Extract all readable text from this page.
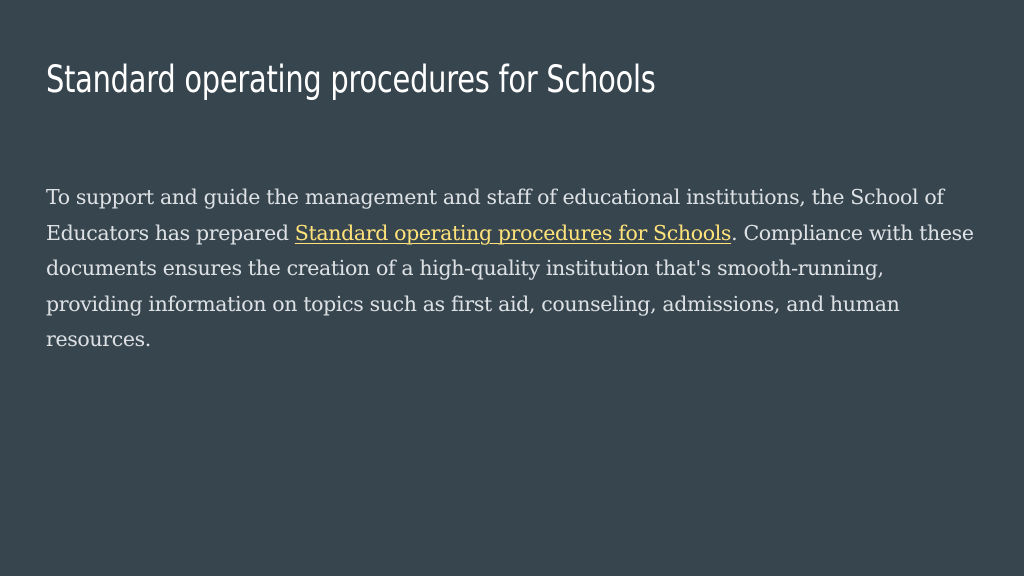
Standard operating procedures for Schools

To support and guide the management and staff of educational institutions, the School of Educators has prepared Standard operating procedures for Schools. Compliance with these documents ensures the creation of a high-quality institution that's smooth-running, providing information on topics such as first aid, counseling, admissions, and human resources.
